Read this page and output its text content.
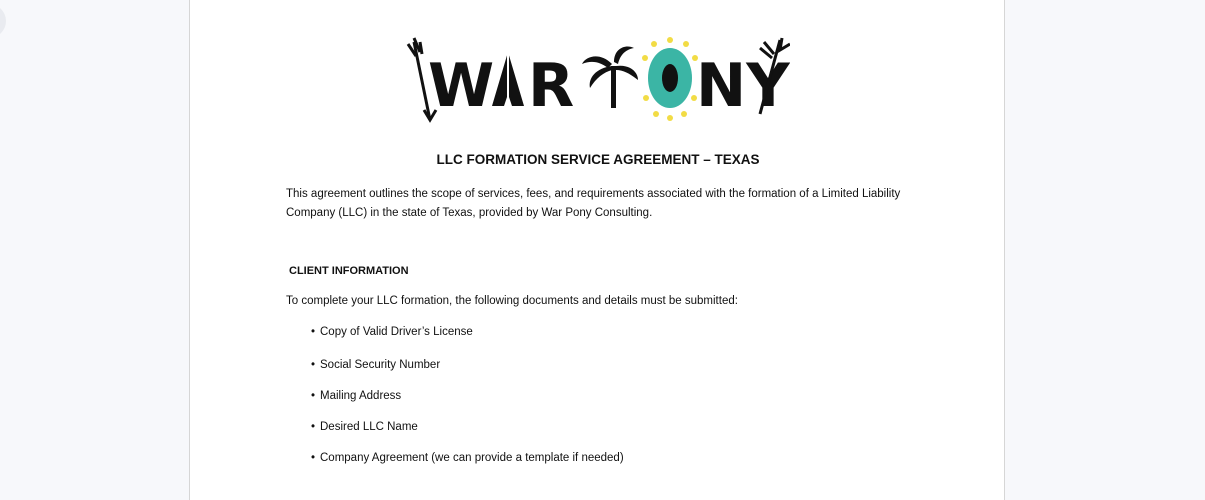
W R NY
LLC FORMATION SERVICE AGREEMENT – TEXAS

This agreement outlines the scope of services, fees, and requirements associated with the formation of a Limited Liability Company (LLC) in the state of Texas, provided by War Pony Consulting.

CLIENT INFORMATION

To complete your LLC formation, the following documents and details must be submitted:

• Copy of Valid Driver’s License
• Social Security Number
• Mailing Address
• Desired LLC Name
• Company Agreement (we can provide a template if needed)
